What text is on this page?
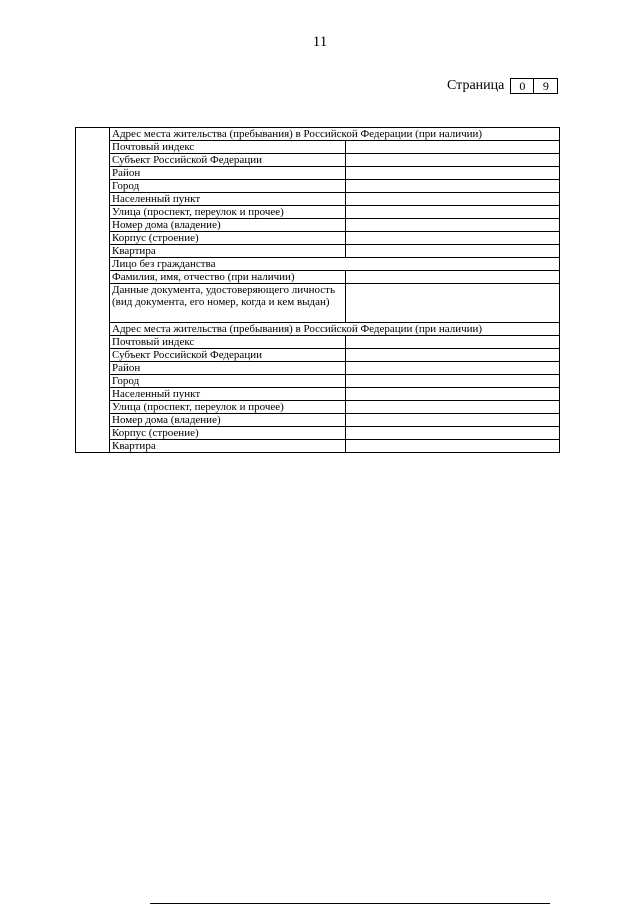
11
Страница	0	9
	Адрес места жительства (пребывания) в Российской Федерации (при наличии)	
	Почтовый индекс	
	Субъект Российской Федерации	
	Район	
	Город	
	Населенный пункт	
	Улица (проспект, переулок и прочее)	
	Номер дома (владение)	
	Корпус (строение)	
	Квартира	
	Лицо без гражданства	
	Фамилия, имя, отчество (при наличии)	
	Данные документа, удостоверяющего личность (вид документа, его номер, когда и кем выдан)	
	Адрес места жительства (пребывания) в Российской Федерации (при наличии)	
	Почтовый индекс	
	Субъект Российской Федерации	
	Район	
	Город	
	Населенный пункт	
	Улица (проспект, переулок и прочее)	
	Номер дома (владение)	
	Корпус (строение)	
	Квартира	
